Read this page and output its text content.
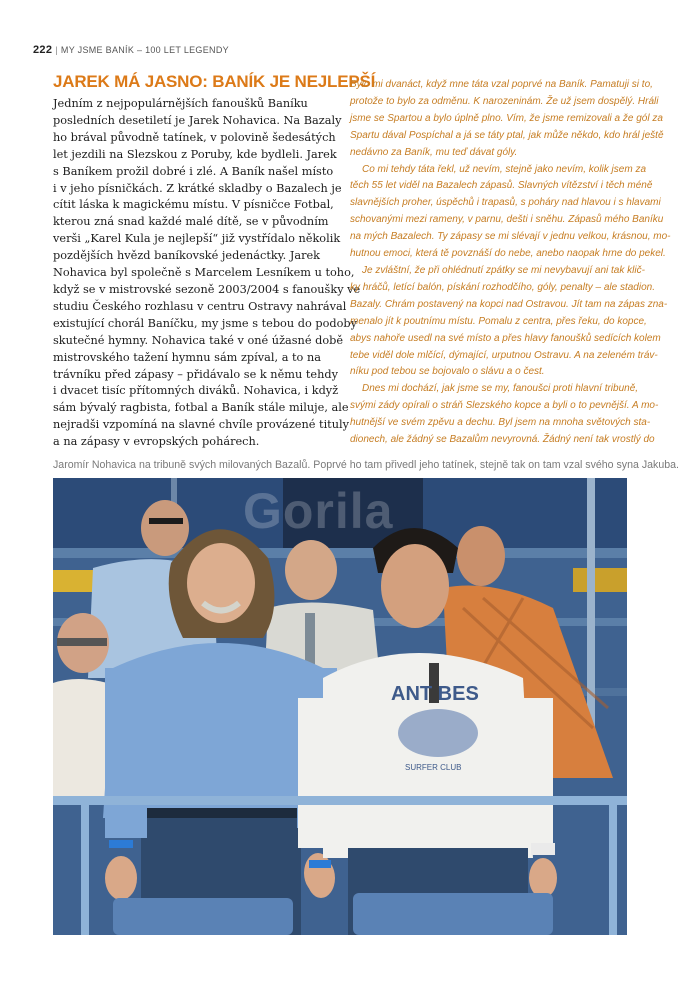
222 | MY JSME BANÍK – 100 LET LEGENDY
JAREK MÁ JASNO: BANÍK JE NEJLEPŠÍ

Jedním z nejpopulárnějších fanoušků Baníku
posledních desetiletí je Jarek Nohavica. Na Bazaly
ho brával původně tatínek, v polovině šedesátých
let jezdili na Slezskou z Poruby, kde bydleli. Jarek
s Baníkem prožil dobré i zlé. A Baník našel místo
i v jeho písničkách. Z krátké skladby o Bazalech je
cítit láska k magickému místu. V písničce Fotbal,
kterou zná snad každé malé dítě, se v původním
verši „Karel Kula je nejlepší“ již vystřídalo několik
pozdějších hvězd baníkovské jedenáctky. Jarek
Nohavica byl společně s Marcelem Lesníkem u toho,
když se v mistrovské sezoně 2003/2004 s fanoušky ve
studiu Českého rozhlasu v centru Ostravy nahrával
existující chorál Baníčku, my jsme s tebou do podoby
skutečné hymny. Nohavica také v oné úžasné době
mistrovského tažení hymnu sám zpíval, a to na
trávníku před zápasy – přidávalo se k němu tehdy
i dvacet tisíc přítomných diváků. Nohavica, i když
sám bývalý ragbista, fotbal a Baník stále miluje, ale
nejradši vzpomíná na slavné chvíle provázené tituly
a na zápasy v evropských pohárech.

Bylo mi dvanáct, když mne táta vzal poprvé na Baník. Pamatuji si to,
protože to bylo za odměnu. K narozeninám. Že už jsem dospělý. Hráli
jsme se Spartou a bylo úplně plno. Vím, že jsme remizovali a že gól za
Spartu dával Pospíchal a já se táty ptal, jak může někdo, kdo hrál ještě
nedávno za Baník, mu teď dávat góly.
Co mi tehdy táta řekl, už nevím, stejně jako nevím, kolik jsem za
těch 55 let viděl na Bazalech zápasů. Slavných vítězství i těch méně
slavnějších proher, úspěchů i trapasů, s poháry nad hlavou i s hlavami
schovanými mezi rameny, v parnu, dešti i sněhu. Zápasů mého Baníku
na mých Bazalech. Ty zápasy se mi slévají v jednu velkou, krásnou, mo-
hutnou emoci, která tě povznáší do nebe, anebo naopak hrne do pekel.
Je zvláštní, že při ohlédnutí zpátky se mi nevybavují ani tak klič-
ky hráčů, letící balón, pískání rozhodčího, góly, penalty – ale stadion.
Bazaly. Chrám postavený na kopci nad Ostravou. Jít tam na zápas zna-
menalo jít k poutnímu místu. Pomalu z centra, přes řeku, do kopce,
abys nahoře usedl na své místo a přes hlavy fanoušků sedících kolem
tebe viděl dole mlčící, dýmající, urputnou Ostravu. A na zeleném tráv-
níku pod tebou se bojovalo o slávu a o čest.
Dnes mi dochází, jak jsme se my, fanoušci proti hlavní tribuně,
svými zády opírali o stráň Slezského kopce a byli o to pevnější. A mo-
hutnější ve svém zpěvu a dechu. Byl jsem na mnoha světových sta-
dionech, ale žádný se Bazalům nevyrovná. Žádný není tak vrostlý do
Jaromír Nohavica na tribuně svých milovaných Bazalů. Poprvé ho tam přivedl jeho tatínek, stejně tak on tam vzal svého syna Jakuba.
ANT BES
SURFER CLUB
Gorila
